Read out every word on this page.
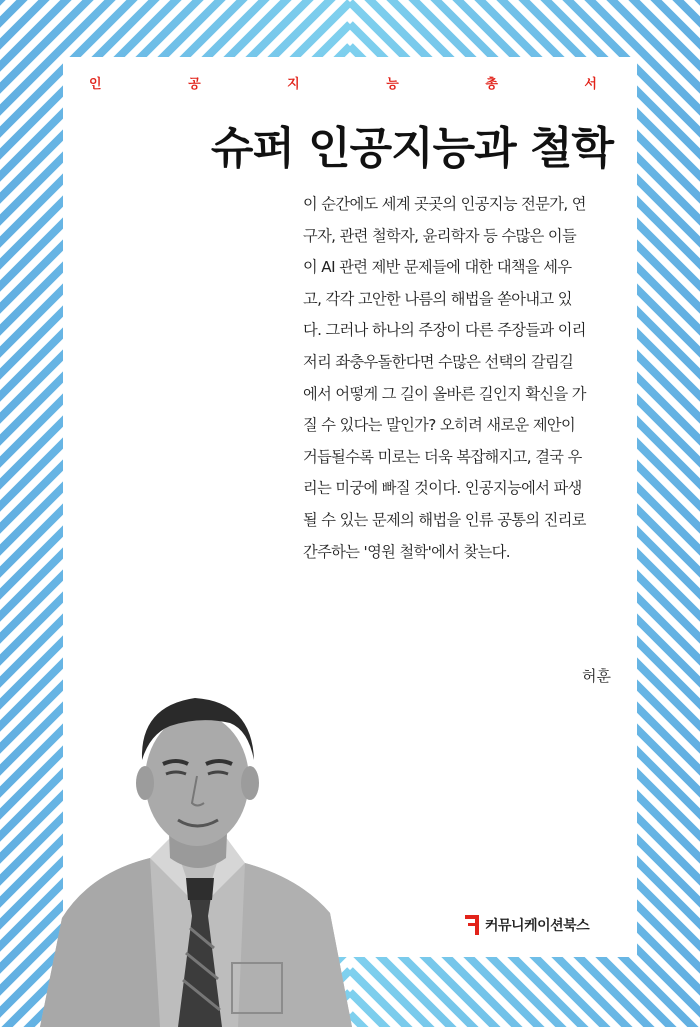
인	공	지	능	총	서
슈퍼 인공지능과 철학
이 순간에도 세계 곳곳의 인공지능 전문가, 연
구자, 관련 철학자, 윤리학자 등 수많은 이들
이 AI 관련 제반 문제들에 대한 대책을 세우
고, 각각 고안한 나름의 해법을 쏟아내고 있
다. 그러나 하나의 주장이 다른 주장들과 이리
저리 좌충우돌한다면 수많은 선택의 갈림길
에서 어떻게 그 길이 올바른 길인지 확신을 가
질 수 있다는 말인가? 오히려 새로운 제안이
거듭될수록 미로는 더욱 복잡해지고, 결국 우
리는 미궁에 빠질 것이다. 인공지능에서 파생
될 수 있는 문제의 해법을 인류 공통의 진리로
간주하는 '영원 철학'에서 찾는다.
허훈
커뮤니케이션북스
